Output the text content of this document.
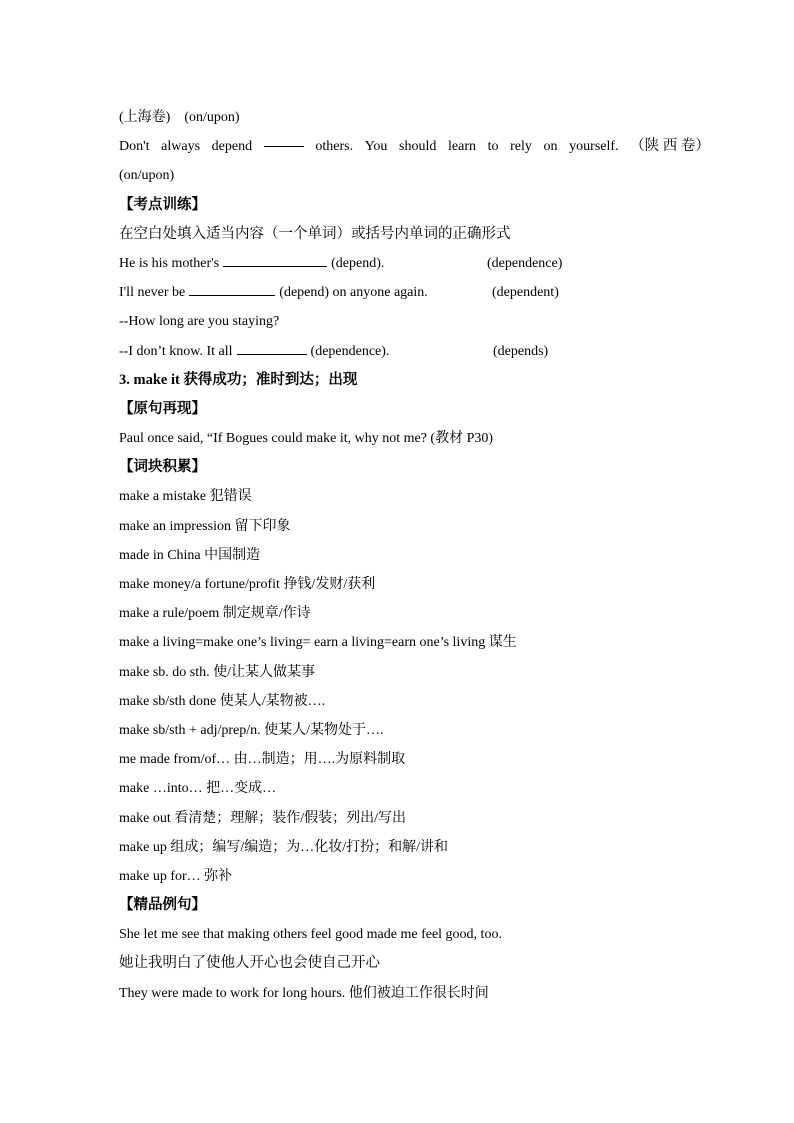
(上海卷)　(on/upon)
Don't always depend	others. You should learn to rely on yourself. （陕 西 卷）
(on/upon)
【考点训练】
在空白处填入适当内容（一个单词）或括号内单词的正确形式
He is his mother's	(depend).	(dependence)
I'll never be	(depend) on anyone again.	(dependent)
--How long are you staying?
--I don’t know. It all	(dependence).	(depends)
3. make it 获得成功；准时到达；出现
【原句再现】
Paul once said, “If Bogues could make it, why not me? (教材 P30)
【词块积累】
make a mistake 犯错误
make an impression 留下印象
made in China 中国制造
make money/a fortune/profit 挣钱/发财/获利
make a rule/poem 制定规章/作诗
make a living=make one’s living= earn a living=earn one’s living 谋生
make sb. do sth. 使/让某人做某事
make sb/sth done 使某人/某物被….
make sb/sth + adj/prep/n. 使某人/某物处于….
me made from/of… 由…制造；用….为原料制取
make …into… 把…变成…
make out 看清楚；理解；装作/假装；列出/写出
make up 组成；编写/编造；为…化妆/打扮；和解/讲和
make up for… 弥补
【精品例句】
She let me see that making others feel good made me feel good, too.
她让我明白了使他人开心也会使自己开心
They were made to work for long hours. 他们被迫工作很长时间
